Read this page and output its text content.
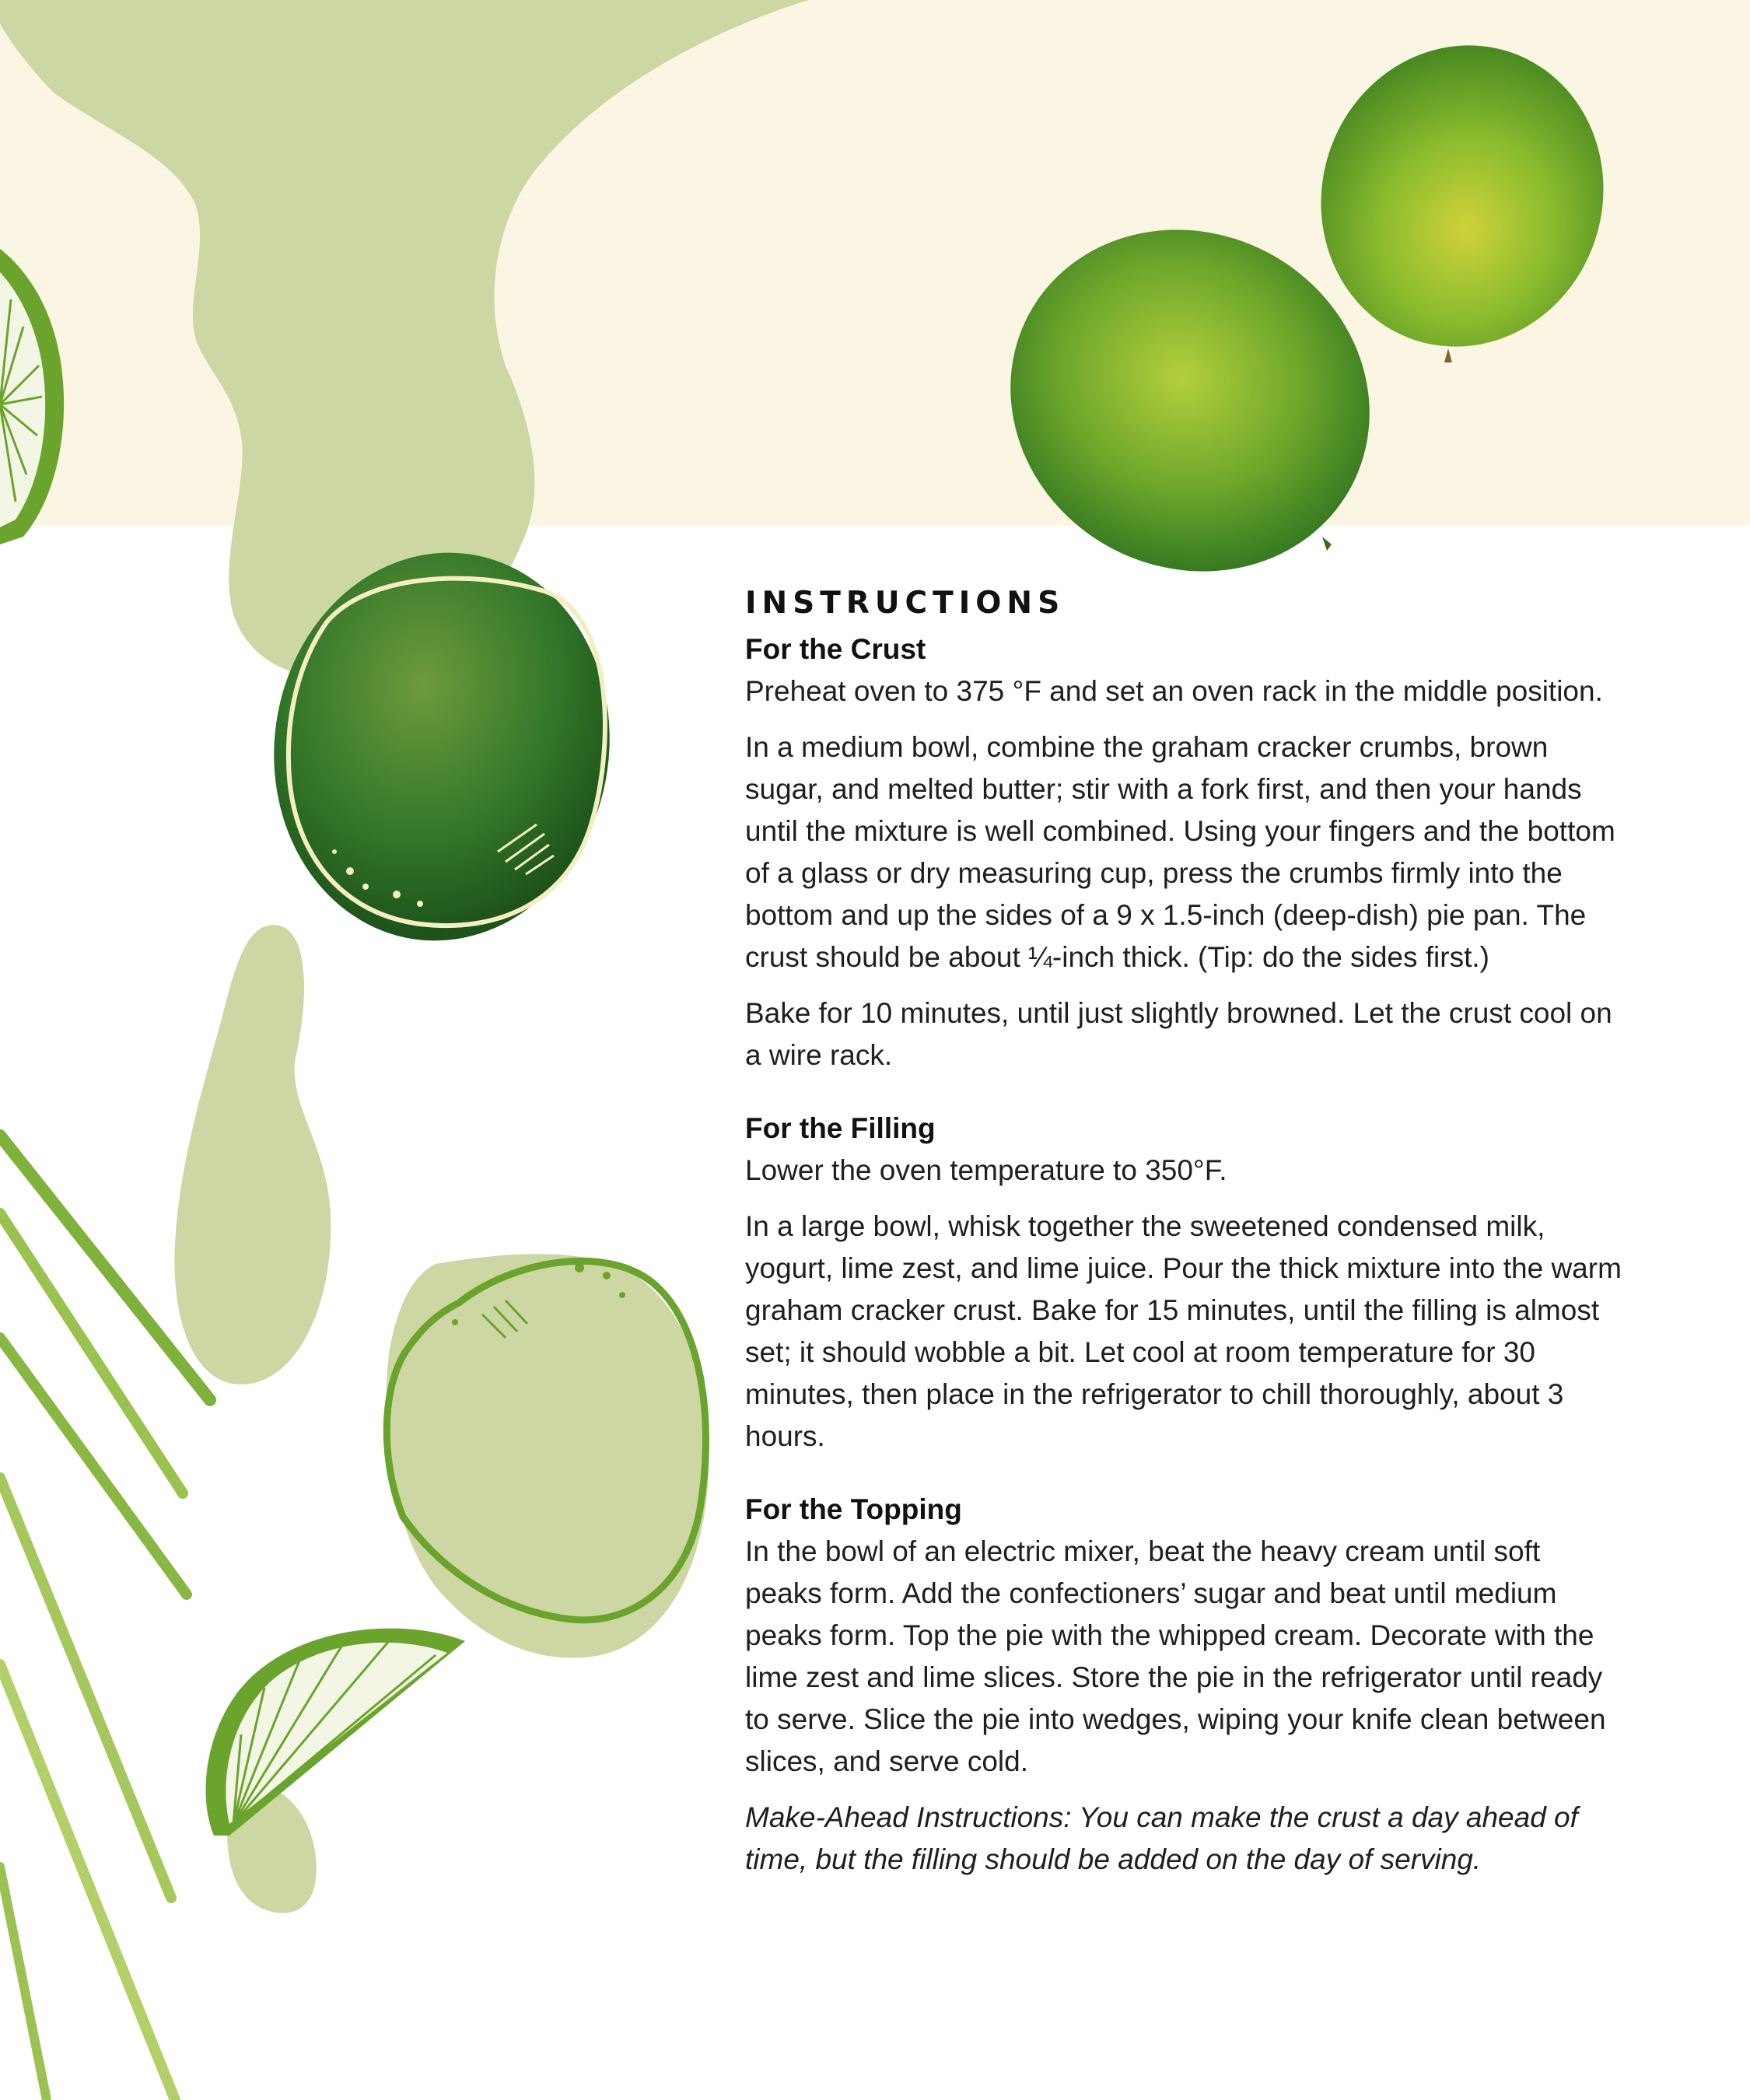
INSTRUCTIONS

For the Crust

Preheat oven to 375 °F and set an oven rack in the middle position.

In a medium bowl, combine the graham cracker crumbs, brown sugar, and melted butter; stir with a fork first, and then your hands until the mixture is well combined. Using your fingers and the bottom of a glass or dry measuring cup, press the crumbs firmly into the bottom and up the sides of a 9 x 1.5-inch (deep-dish) pie pan. The crust should be about ¼-inch thick. (Tip: do the sides first.)

Bake for 10 minutes, until just slightly browned. Let the crust cool on a wire rack.

For the Filling

Lower the oven temperature to 350°F.

In a large bowl, whisk together the sweetened condensed milk, yogurt, lime zest, and lime juice. Pour the thick mixture into the warm graham cracker crust. Bake for 15 minutes, until the filling is almost set; it should wobble a bit. Let cool at room temperature for 30 minutes, then place in the refrigerator to chill thoroughly, about 3 hours.

For the Topping

In the bowl of an electric mixer, beat the heavy cream until soft peaks form. Add the confectioners’ sugar and beat until medium peaks form. Top the pie with the whipped cream. Decorate with the lime zest and lime slices. Store the pie in the refrigerator until ready to serve. Slice the pie into wedges, wiping your knife clean between slices, and serve cold.

Make-Ahead Instructions: You can make the crust a day ahead of time, but the filling should be added on the day of serving.
